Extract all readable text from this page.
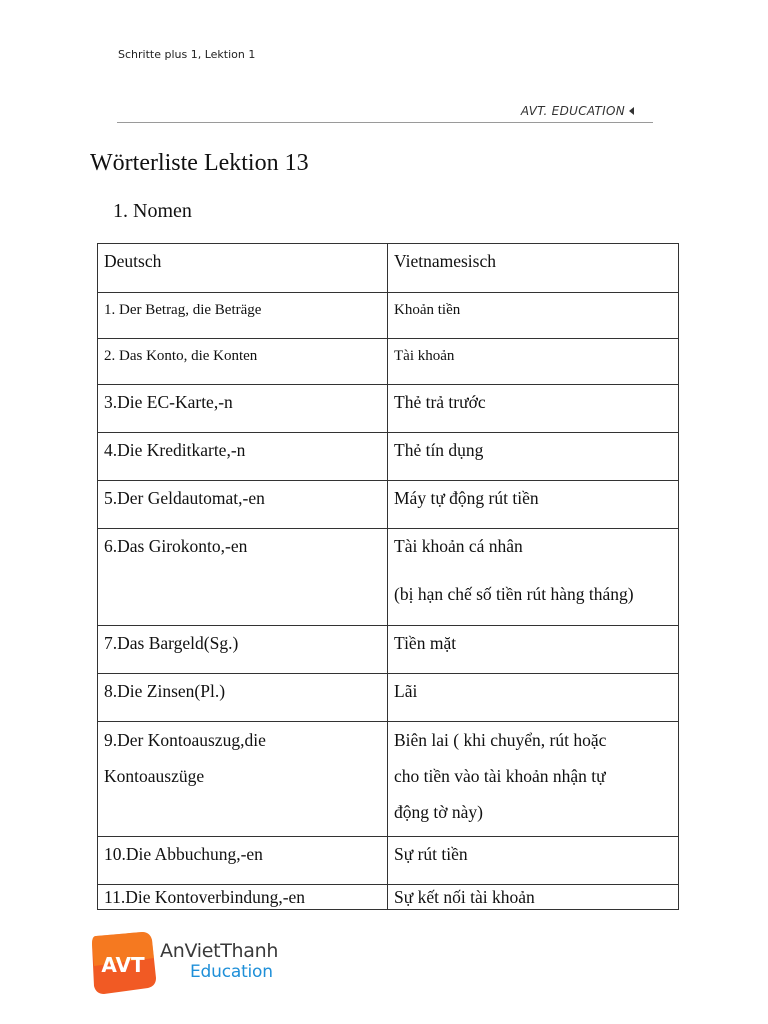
Schritte plus 1, Lektion 1
AVT. EDUCATION
Wörterliste Lektion 13
1. Nomen
Deutsch	Vietnamesisch

1. Der Betrag, die Beträge	Khoản tiền

2. Das Konto, die Konten	Tài khoản

3.Die EC-Karte,-n	Thẻ trả trước

4.Die Kreditkarte,-n	Thẻ tín dụng

5.Der Geldautomat,-en	Máy tự động rút tiền

6.Das Girokonto,-en	Tài khoản cá nhân
(bị hạn chế số tiền rút hàng tháng)

7.Das Bargeld(Sg.)	Tiền mặt

8.Die Zinsen(Pl.)	Lãi

9.Der Kontoauszug,die
Kontoauszüge	Biên lai ( khi chuyển, rút hoặc
cho tiền vào tài khoản nhận tự
động tờ này)

10.Die Abbuchung,-en	Sự rút tiền

11.Die Kontoverbindung,-en	Sự kết nối tài khoản
AVT
AnVietThanh
Education
